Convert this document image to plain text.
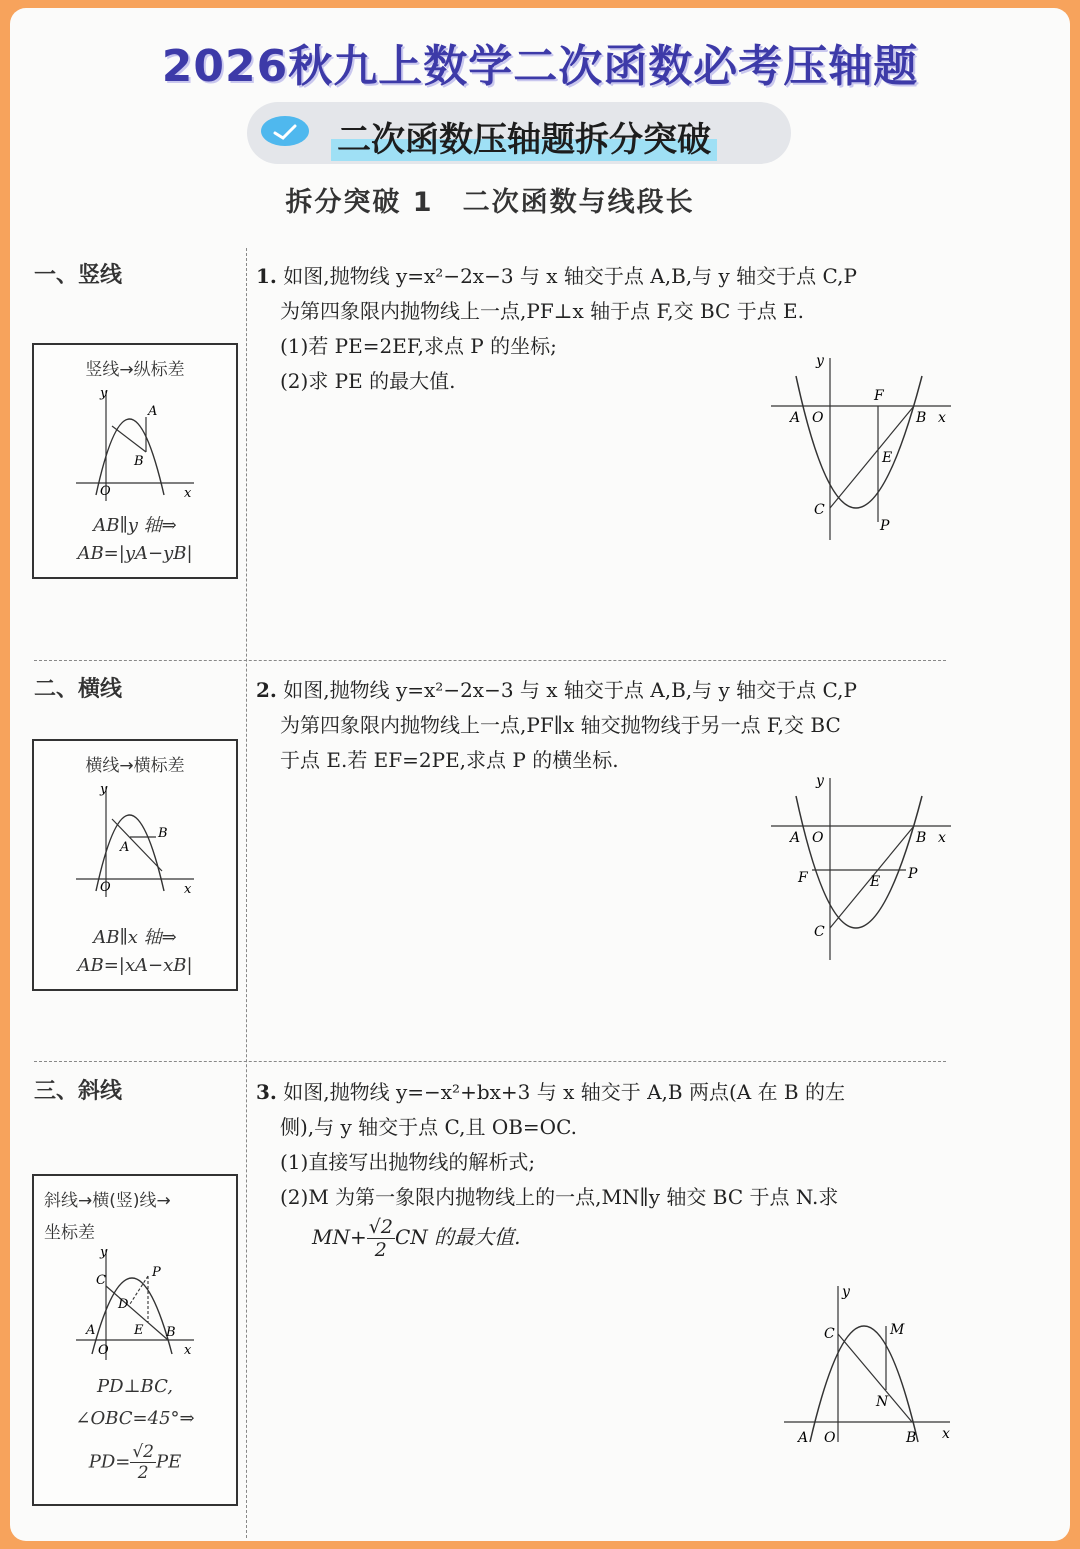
2026秋九上数学二次函数必考压轴题
二次函数压轴题拆分突破
拆分突破 1　二次函数与线段长
一、竖线
竖线→纵标差
y
A
B
O	x
AB∥y 轴⇒
AB=|yA−yB|
1. 如图,抛物线 y=x²−2x−3 与 x 轴交于点 A,B,与 y 轴交于点 C,P
为第四象限内抛物线上一点,PF⊥x 轴于点 F,交 BC 于点 E.
(1)若 PE=2EF,求点 P 的坐标;
(2)求 PE 的最大值.
y
A O
F
B x
E
C
P
二、横线
横线→横标差
y
B
A
O	x
AB∥x 轴⇒
AB=|xA−xB|
2. 如图,抛物线 y=x²−2x−3 与 x 轴交于点 A,B,与 y 轴交于点 C,P
为第四象限内抛物线上一点,PF∥x 轴交抛物线于另一点 F,交 BC
于点 E.若 EF=2PE,求点 P 的横坐标.
y
A O	B x
F	E P
C
三、斜线
斜线→横(竖)线→
坐标差
y
C
P
D
A	E B
O	x
PD⊥BC,
∠OBC=45°⇒
$PD= \frac{√2}{2}$ PE
3. 如图,抛物线 y=−x²+bx+3 与 x 轴交于 A,B 两点(A 在 B 的左
侧),与 y 轴交于点 C,且 OB=OC.
(1)直接写出抛物线的解析式;
(2)M 为第一象限内抛物线上的一点,MN∥y 轴交 BC 于点 N.求
$MN+ \frac{√2}{2}$ CN 的最大值.
y
C	M
N
A O	B x
